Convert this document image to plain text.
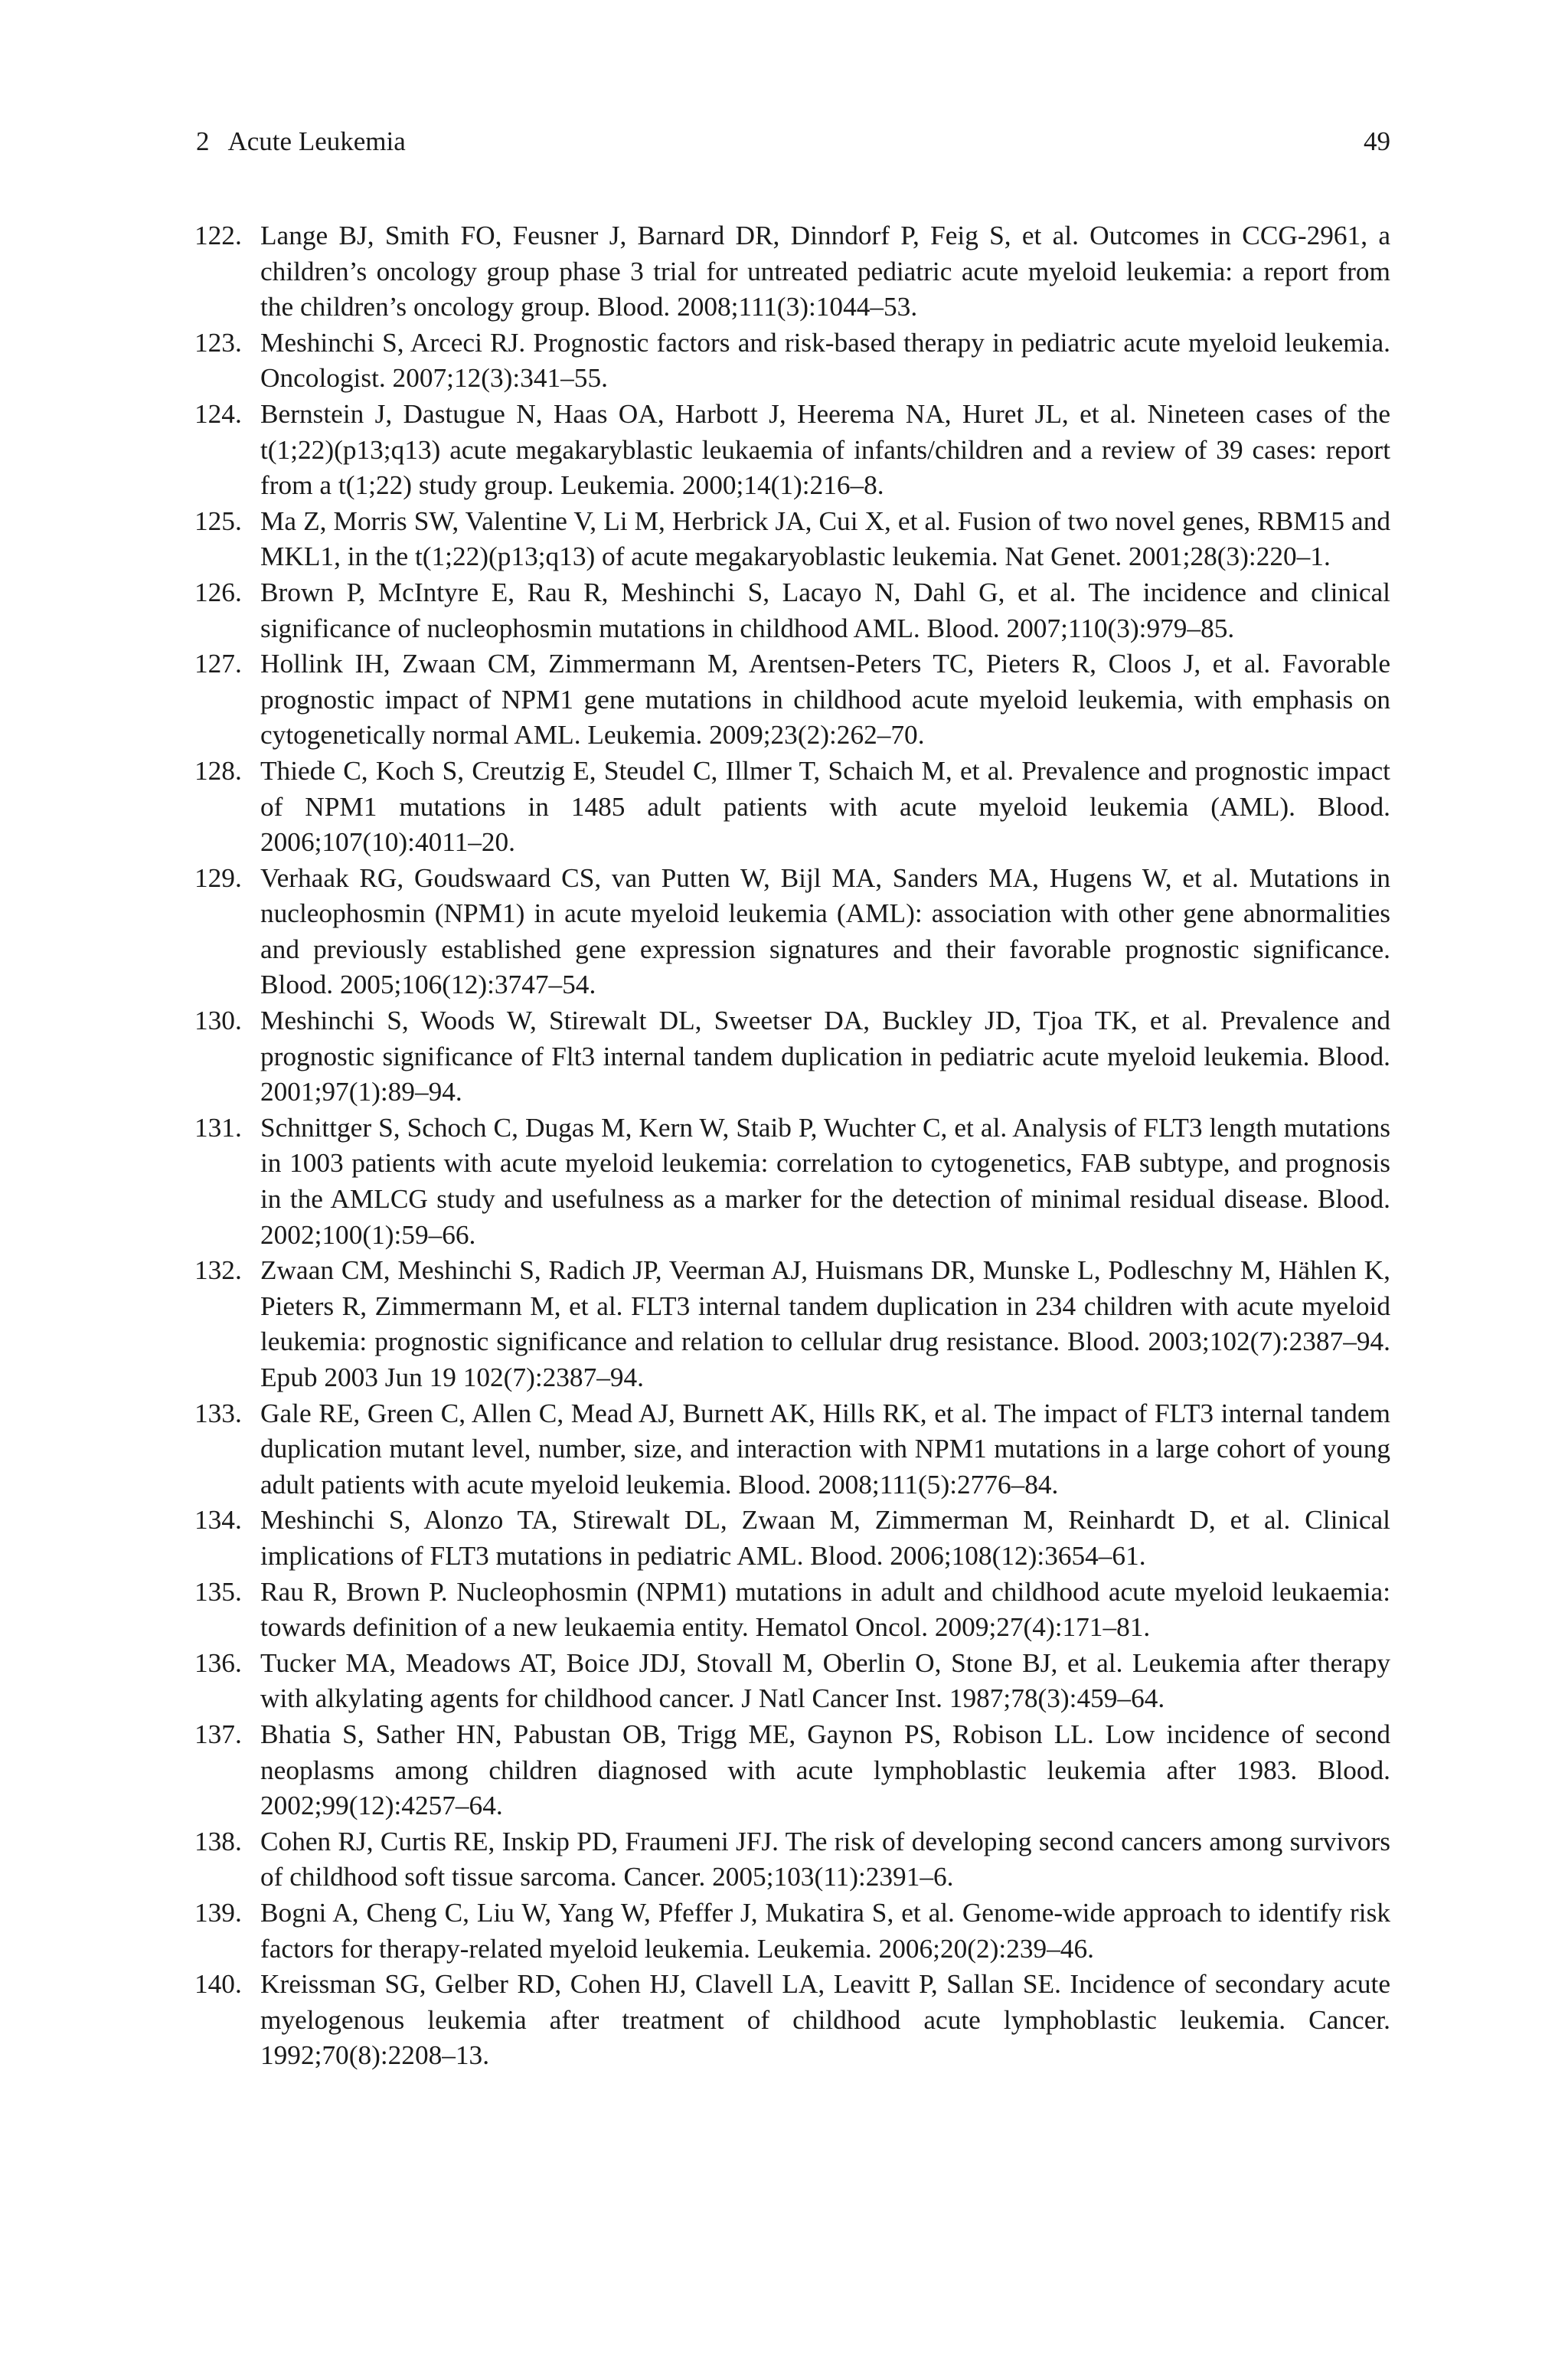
2 Acute Leukemia	49
122. Lange BJ, Smith FO, Feusner J, Barnard DR, Dinndorf P, Feig S, et al. Outcomes in CCG-2961, a children’s oncology group phase 3 trial for untreated pediatric acute myeloid leukemia: a report from the children’s oncology group. Blood. 2008;111(3):1044–53.
123. Meshinchi S, Arceci RJ. Prognostic factors and risk-based therapy in pediatric acute myeloid leukemia. Oncologist. 2007;12(3):341–55.
124. Bernstein J, Dastugue N, Haas OA, Harbott J, Heerema NA, Huret JL, et al. Nineteen cases of the t(1;22)(p13;q13) acute megakaryblastic leukaemia of infants/children and a review of 39 cases: report from a t(1;22) study group. Leukemia. 2000;14(1):216–8.
125. Ma Z, Morris SW, Valentine V, Li M, Herbrick JA, Cui X, et al. Fusion of two novel genes, RBM15 and MKL1, in the t(1;22)(p13;q13) of acute megakaryoblastic leukemia. Nat Genet. 2001;28(3):220–1.
126. Brown P, McIntyre E, Rau R, Meshinchi S, Lacayo N, Dahl G, et al. The incidence and clinical significance of nucleophosmin mutations in childhood AML. Blood. 2007;110(3):979–85.
127. Hollink IH, Zwaan CM, Zimmermann M, Arentsen-Peters TC, Pieters R, Cloos J, et al. Favorable prognostic impact of NPM1 gene mutations in childhood acute myeloid leukemia, with emphasis on cytogenetically normal AML. Leukemia. 2009;23(2):262–70.
128. Thiede C, Koch S, Creutzig E, Steudel C, Illmer T, Schaich M, et al. Prevalence and prognostic impact of NPM1 mutations in 1485 adult patients with acute myeloid leukemia (AML). Blood. 2006;107(10):4011–20.
129. Verhaak RG, Goudswaard CS, van Putten W, Bijl MA, Sanders MA, Hugens W, et al. Mutations in nucleophosmin (NPM1) in acute myeloid leukemia (AML): association with other gene abnormalities and previously established gene expression signatures and their favorable prognostic significance. Blood. 2005;106(12):3747–54.
130. Meshinchi S, Woods W, Stirewalt DL, Sweetser DA, Buckley JD, Tjoa TK, et al. Prevalence and prognostic significance of Flt3 internal tandem duplication in pediatric acute myeloid leukemia. Blood. 2001;97(1):89–94.
131. Schnittger S, Schoch C, Dugas M, Kern W, Staib P, Wuchter C, et al. Analysis of FLT3 length mutations in 1003 patients with acute myeloid leukemia: correlation to cytogenetics, FAB subtype, and prognosis in the AMLCG study and usefulness as a marker for the detection of minimal residual disease. Blood. 2002;100(1):59–66.
132. Zwaan CM, Meshinchi S, Radich JP, Veerman AJ, Huismans DR, Munske L, Podleschny M, Hählen K, Pieters R, Zimmermann M, et al. FLT3 internal tandem duplication in 234 children with acute myeloid leukemia: prognostic significance and relation to cellular drug resistance. Blood. 2003;102(7):2387–94. Epub 2003 Jun 19 102(7):2387–94.
133. Gale RE, Green C, Allen C, Mead AJ, Burnett AK, Hills RK, et al. The impact of FLT3 internal tandem duplication mutant level, number, size, and interaction with NPM1 mutations in a large cohort of young adult patients with acute myeloid leukemia. Blood. 2008;111(5):2776–84.
134. Meshinchi S, Alonzo TA, Stirewalt DL, Zwaan M, Zimmerman M, Reinhardt D, et al. Clinical implications of FLT3 mutations in pediatric AML. Blood. 2006;108(12):3654–61.
135. Rau R, Brown P. Nucleophosmin (NPM1) mutations in adult and childhood acute myeloid leukaemia: towards definition of a new leukaemia entity. Hematol Oncol. 2009;27(4):171–81.
136. Tucker MA, Meadows AT, Boice JDJ, Stovall M, Oberlin O, Stone BJ, et al. Leukemia after therapy with alkylating agents for childhood cancer. J Natl Cancer Inst. 1987;78(3):459–64.
137. Bhatia S, Sather HN, Pabustan OB, Trigg ME, Gaynon PS, Robison LL. Low incidence of second neoplasms among children diagnosed with acute lymphoblastic leukemia after 1983. Blood. 2002;99(12):4257–64.
138. Cohen RJ, Curtis RE, Inskip PD, Fraumeni JFJ. The risk of developing second cancers among survivors of childhood soft tissue sarcoma. Cancer. 2005;103(11):2391–6.
139. Bogni A, Cheng C, Liu W, Yang W, Pfeffer J, Mukatira S, et al. Genome-wide approach to identify risk factors for therapy-related myeloid leukemia. Leukemia. 2006;20(2):239–46.
140. Kreissman SG, Gelber RD, Cohen HJ, Clavell LA, Leavitt P, Sallan SE. Incidence of secondary acute myelogenous leukemia after treatment of childhood acute lymphoblastic leukemia. Cancer. 1992;70(8):2208–13.
